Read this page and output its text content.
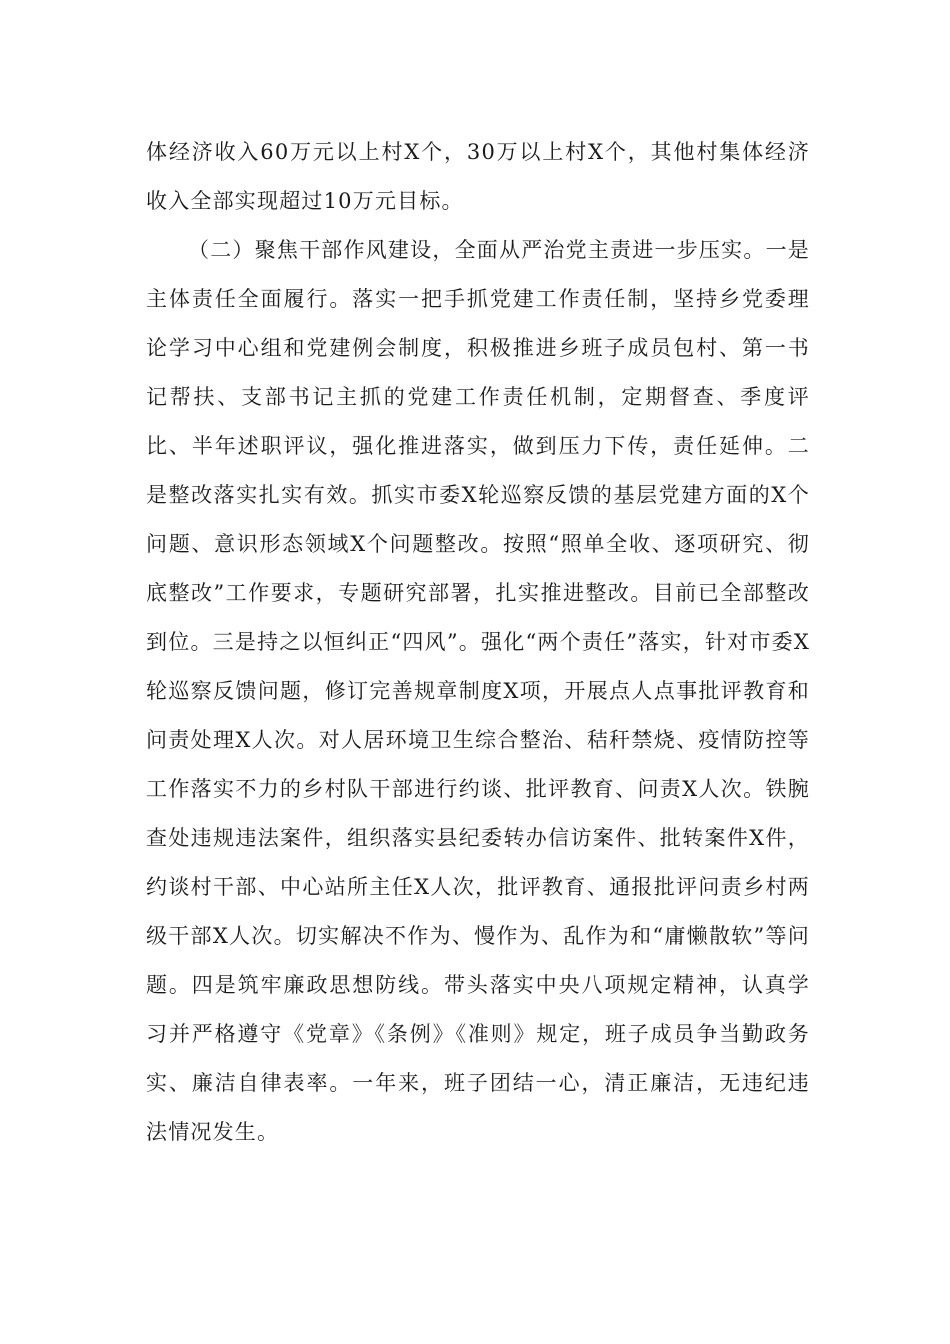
体经济收入60万元以上村X个，30万以上村X个，其他村集体经济收入全部实现超过10万元目标。
（二）聚焦干部作风建设，全面从严治党主责进一步压实。一是主体责任全面履行。落实一把手抓党建工作责任制，坚持乡党委理论学习中心组和党建例会制度，积极推进乡班子成员包村、第一书记帮扶、支部书记主抓的党建工作责任机制，定期督查、季度评比、半年述职评议，强化推进落实，做到压力下传，责任延伸。二是整改落实扎实有效。抓实市委X轮巡察反馈的基层党建方面的X个问题、意识形态领域X个问题整改。按照“照单全收、逐项研究、彻底整改”工作要求，专题研究部署，扎实推进整改。目前已全部整改到位。三是持之以恒纠正“四风”。强化“两个责任”落实，针对市委X轮巡察反馈问题，修订完善规章制度X项，开展点人点事批评教育和问责处理X人次。对人居环境卫生综合整治、秸秆禁烧、疫情防控等工作落实不力的乡村队干部进行约谈、批评教育、问责X人次。铁腕查处违规违法案件，组织落实县纪委转办信访案件、批转案件X件，约谈村干部、中心站所主任X人次，批评教育、通报批评问责乡村两级干部X人次。切实解决不作为、慢作为、乱作为和“庸懒散软”等问题。四是筑牢廉政思想防线。带头落实中央八项规定精神，认真学习并严格遵守《党章》《条例》《准则》规定，班子成员争当勤政务实、廉洁自律表率。一年来，班子团结一心，清正廉洁，无违纪违法情况发生。
